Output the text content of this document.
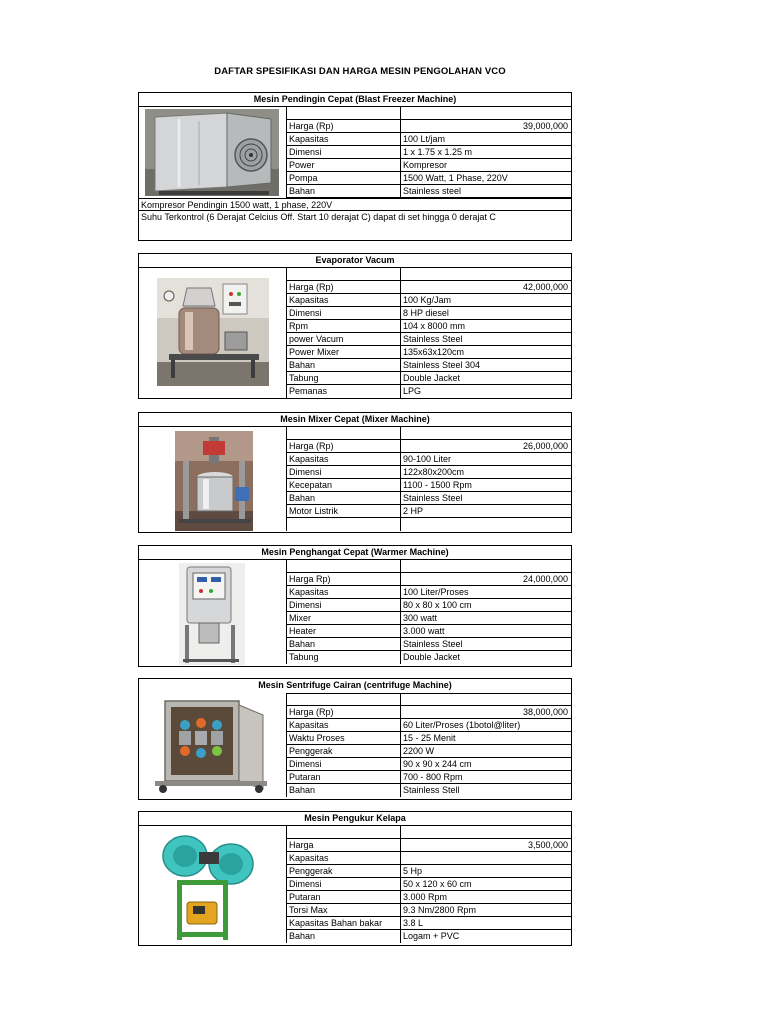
DAFTAR SPESIFIKASI DAN HARGA MESIN PENGOLAHAN VCO
Mesin Pendingin Cepat (Blast Freezer Machine)
Harga (Rp)	39,000,000
Kapasitas	100 Lt/jam
Dimensi	1 x 1.75 x 1.25 m
Power	Kompresor
Pompa	1500 Watt, 1 Phase, 220V
Bahan	Stainless steel
Kompresor Pendingin 1500 watt, 1 phase, 220V
Suhu Terkontrol (6 Derajat Celcius Off. Start 10 derajat C) dapat di set hingga 0 derajat C
Evaporator Vacum
Harga (Rp)	42,000,000
Kapasitas	100 Kg/Jam
Dimensi	8 HP diesel
Rpm	104 x 8000 mm
power Vacum	Stainless Steel
Power Mixer	135x63x120cm
Bahan	Stainless Steel 304
Tabung	Double Jacket
Pemanas	LPG
Mesin Mixer Cepat (Mixer Machine)
Harga (Rp)	26,000,000
Kapasitas	90-100 Liter
Dimensi	122x80x200cm
Kecepatan	1100 - 1500 Rpm
Bahan	Stainless Steel
Motor Listrik	2 HP
Mesin Penghangat Cepat (Warmer Machine)
Harga Rp)	24,000,000
Kapasitas	100 Liter/Proses
Dimensi	80 x 80 x 100 cm
Mixer	300 watt
Heater	3.000 watt
Bahan	Stainless Steel
Tabung	Double Jacket
Mesin Sentrifuge Cairan (centrifuge Machine)
Harga (Rp)	38,000,000
Kapasitas	60 Liter/Proses (1botol@liter)
Waktu Proses	15 - 25 Menit
Penggerak	2200 W
Dimensi	90 x 90 x 244 cm
Putaran	700 - 800 Rpm
Bahan	Stainless Stell
Mesin Pengukur Kelapa
Harga	3,500,000
Kapasitas
Penggerak	5 Hp
Dimensi	50 x 120 x 60 cm
Putaran	3.000 Rpm
Torsi Max	9.3 Nm/2800 Rpm
Kapasitas Bahan bakar	3.8 L
Bahan	Logam + PVC
